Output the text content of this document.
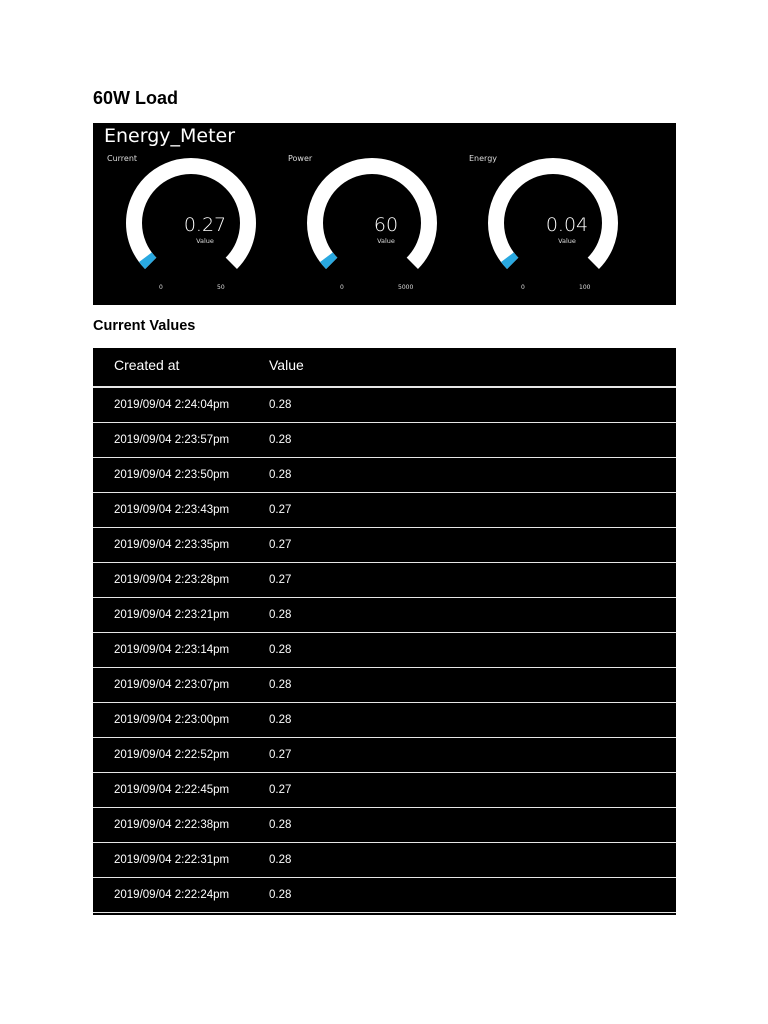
60W Load
Energy_Meter
Current
0.27
Value
0	50
Power
60
Value
0	5000
Energy
0.04
Value
0	100
Current Values
Created at	Value
2019/09/04 2:24:04pm	0.28
2019/09/04 2:23:57pm	0.28
2019/09/04 2:23:50pm	0.28
2019/09/04 2:23:43pm	0.27
2019/09/04 2:23:35pm	0.27
2019/09/04 2:23:28pm	0.27
2019/09/04 2:23:21pm	0.28
2019/09/04 2:23:14pm	0.28
2019/09/04 2:23:07pm	0.28
2019/09/04 2:23:00pm	0.28
2019/09/04 2:22:52pm	0.27
2019/09/04 2:22:45pm	0.27
2019/09/04 2:22:38pm	0.28
2019/09/04 2:22:31pm	0.28
2019/09/04 2:22:24pm	0.28
